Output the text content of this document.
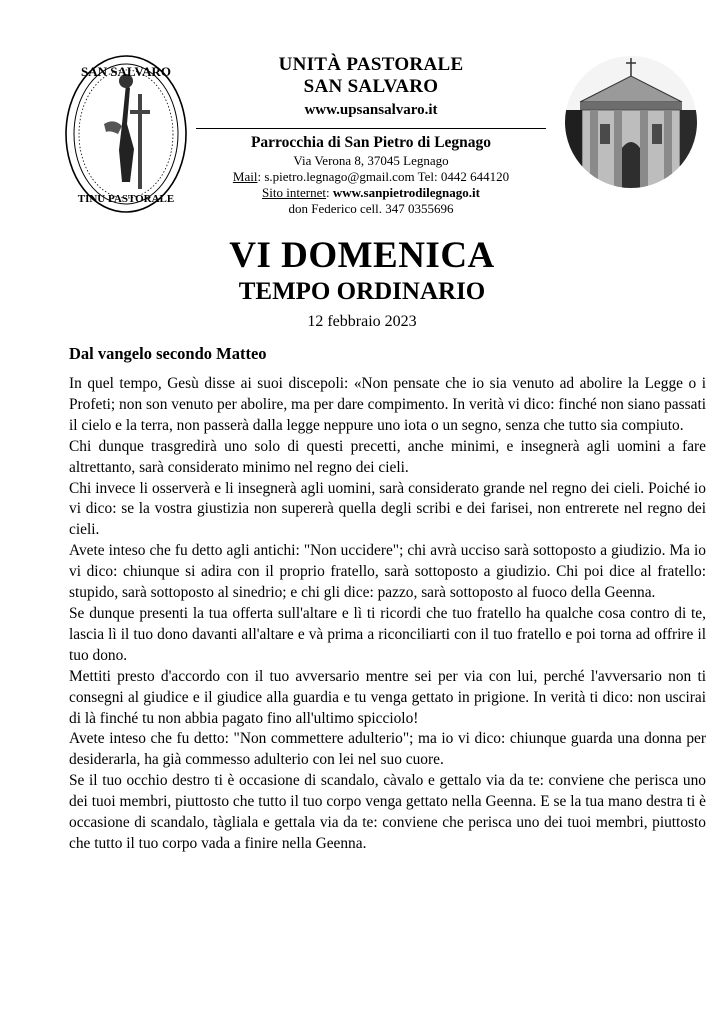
SAN SALVARO
TINU PASTORALE
UNITÀ PASTORALE
SAN SALVARO
www.upsansalvaro.it
Parrocchia di San Pietro di Legnago
Via Verona 8, 37045 Legnago
Mail: s.pietro.legnago@gmail.com Tel: 0442 644120
Sito internet: www.sanpietrodilegnago.it
don Federico cell. 347 0355696
VI DOMENICA
TEMPO ORDINARIO
12 febbraio 2023
Dal vangelo secondo Matteo

In quel tempo, Gesù disse ai suoi discepoli: «Non pensate che io sia venuto ad abolire la Legge o i Profeti; non son venuto per abolire, ma per dare compimento. In verità vi dico: finché non siano passati il cielo e la terra, non passerà dalla legge neppure uno iota o un segno, senza che tutto sia compiuto.

Chi dunque trasgredirà uno solo di questi precetti, anche minimi, e insegnerà agli uomini a fare altrettanto, sarà considerato minimo nel regno dei cieli.

Chi invece li osserverà e li insegnerà agli uomini, sarà considerato grande nel regno dei cieli. Poiché io vi dico: se la vostra giustizia non supererà quella degli scribi e dei farisei, non entrerete nel regno dei cieli.

Avete inteso che fu detto agli antichi: "Non uccidere"; chi avrà ucciso sarà sottoposto a giudizio. Ma io vi dico: chiunque si adira con il proprio fratello, sarà sottoposto a giudizio. Chi poi dice al fratello: stupido, sarà sottoposto al sinedrio; e chi gli dice: pazzo, sarà sottoposto al fuoco della Geenna.

Se dunque presenti la tua offerta sull'altare e lì ti ricordi che tuo fratello ha qualche cosa contro di te, lascia lì il tuo dono davanti all'altare e và prima a riconciliarti con il tuo fratello e poi torna ad offrire il tuo dono.

Mettiti presto d'accordo con il tuo avversario mentre sei per via con lui, perché l'avversario non ti consegni al giudice e il giudice alla guardia e tu venga gettato in prigione. In verità ti dico: non uscirai di là finché tu non abbia pagato fino all'ultimo spicciolo!

Avete inteso che fu detto: "Non commettere adulterio"; ma io vi dico: chiunque guarda una donna per desiderarla, ha già commesso adulterio con lei nel suo cuore.

Se il tuo occhio destro ti è occasione di scandalo, càvalo e gettalo via da te: conviene che perisca uno dei tuoi membri, piuttosto che tutto il tuo corpo venga gettato nella Geenna. E se la tua mano destra ti è occasione di scandalo, tàgliala e gettala via da te: conviene che perisca uno dei tuoi membri, piuttosto che tutto il tuo corpo vada a finire nella Geenna.
